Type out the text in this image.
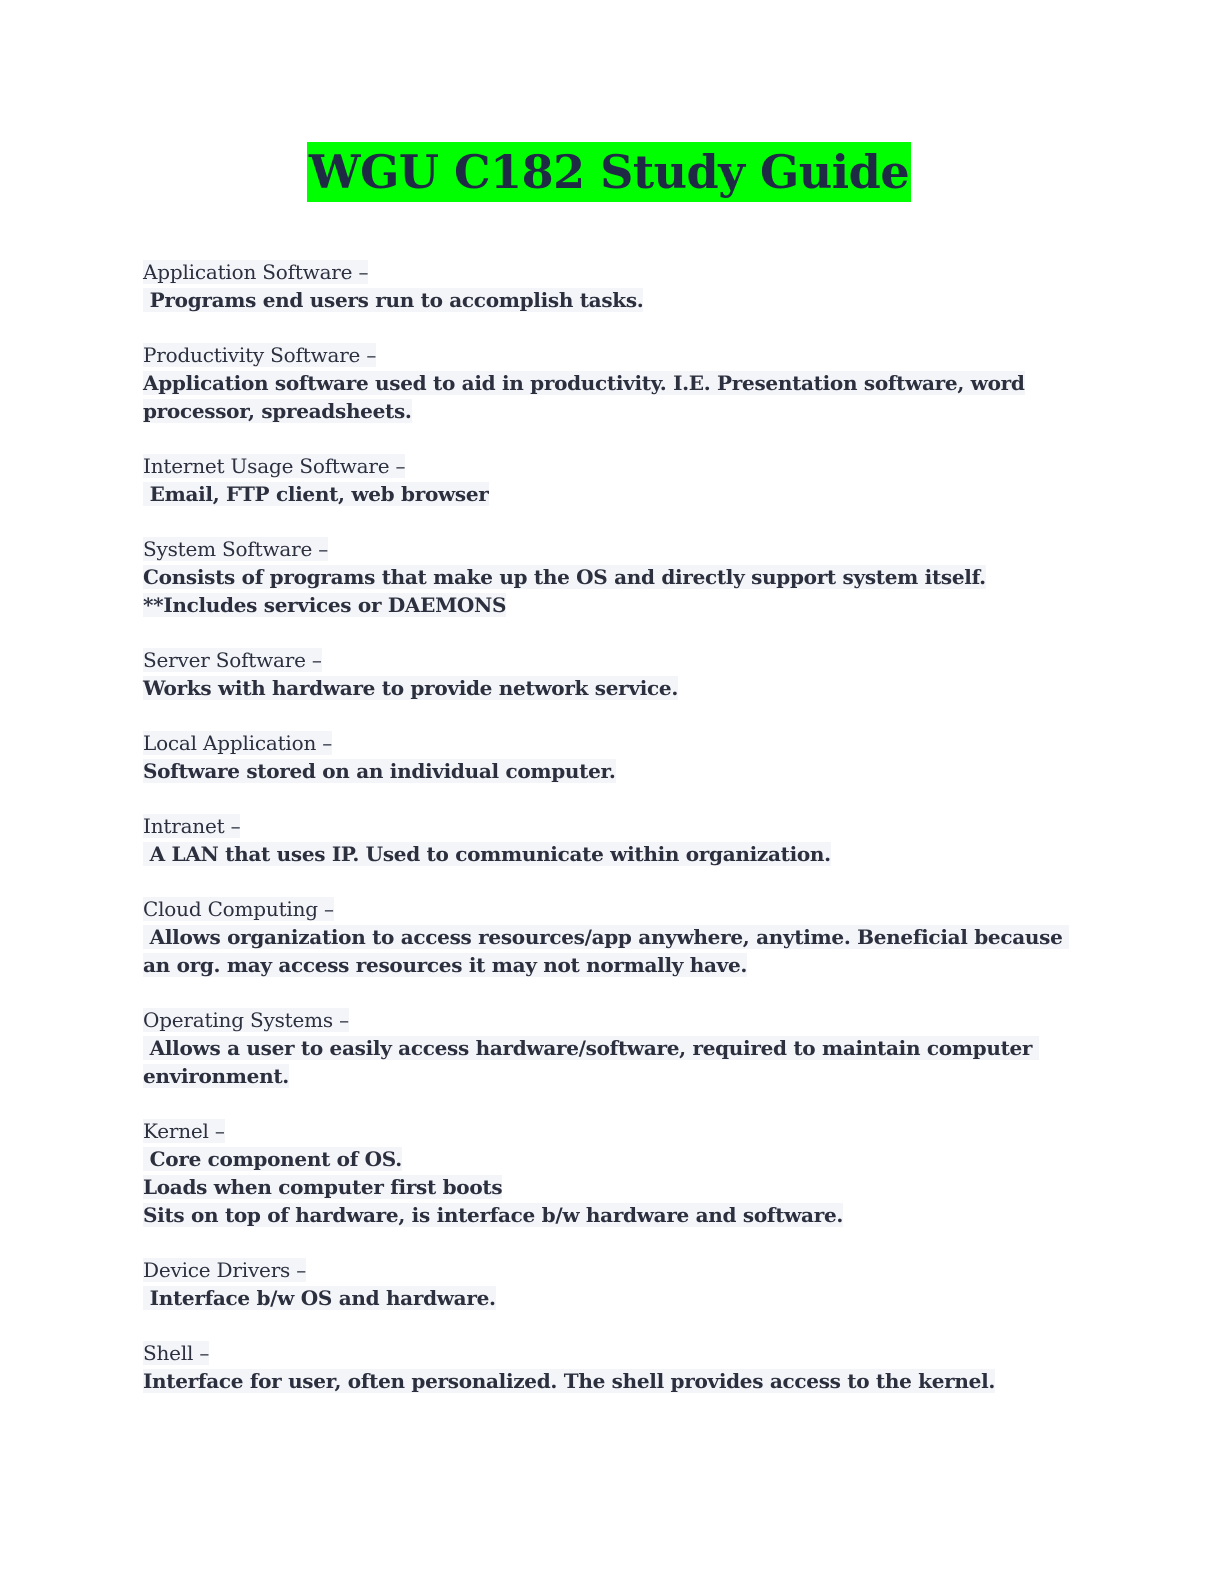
WGU C182 Study Guide
Application Software –
Programs end users run to accomplish tasks.
Productivity Software –
Application software used to aid in productivity. I.E. Presentation software, word processor, spreadsheets.
Internet Usage Software –
Email, FTP client, web browser
System Software –
Consists of programs that make up the OS and directly support system itself.
**Includes services or DAEMONS
Server Software –
Works with hardware to provide network service.
Local Application –
Software stored on an individual computer.
Intranet –
A LAN that uses IP. Used to communicate within organization.
Cloud Computing –
Allows organization to access resources/app anywhere, anytime. Beneficial because an org. may access resources it may not normally have.
Operating Systems –
Allows a user to easily access hardware/software, required to maintain computer environment.
Kernel –
Core component of OS.
Loads when computer first boots
Sits on top of hardware, is interface b/w hardware and software.
Device Drivers –
Interface b/w OS and hardware.
Shell –
Interface for user, often personalized. The shell provides access to the kernel.
